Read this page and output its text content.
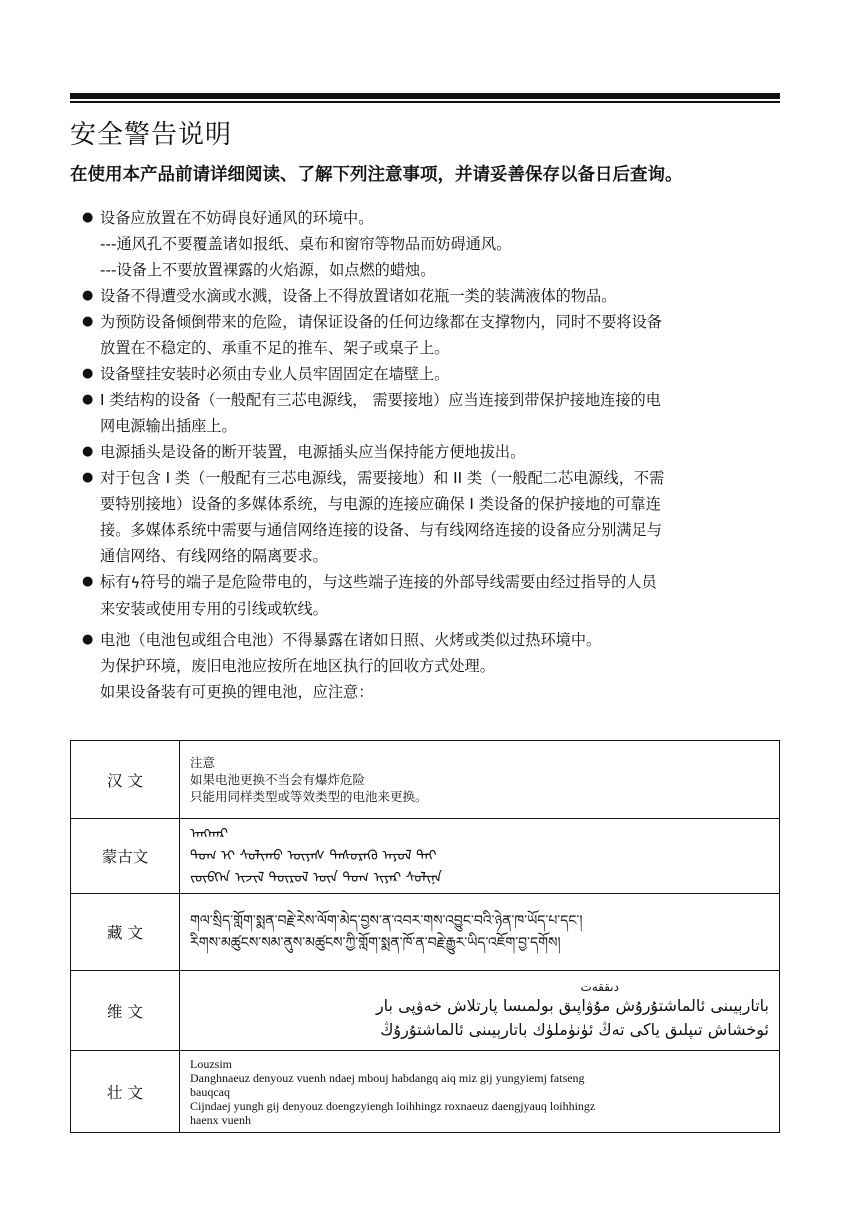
安全警告说明

在使用本产品前请详细阅读、了解下列注意事项，并请妥善保存以备日后查询。

● 设备应放置在不妨碍良好通风的环境中。
---通风孔不要覆盖诸如报纸、桌布和窗帘等物品而妨碍通风。
---设备上不要放置裸露的火焰源，如点燃的蜡烛。
● 设备不得遭受水滴或水溅，设备上不得放置诸如花瓶一类的装满液体的物品。
● 为预防设备倾倒带来的危险，请保证设备的任何边缘都在支撑物内，同时不要将设备
放置在不稳定的、承重不足的推车、架子或桌子上。
● 设备壁挂安装时必须由专业人员牢固固定在墙壁上。
● I 类结构的设备（一般配有三芯电源线， 需要接地）应当连接到带保护接地连接的电
网电源输出插座上。
● 电源插头是设备的断开装置，电源插头应当保持能方便地拔出。
● 对于包含 I 类（一般配有三芯电源线，需要接地）和 II 类（一般配二芯电源线，不需
要特别接地）设备的多媒体系统，与电源的连接应确保 I 类设备的保护接地的可靠连
接。多媒体系统中需要与通信网络连接的设备、与有线网络连接的设备应分别满足与
通信网络、有线网络的隔离要求。
● 标有ϟ符号的端子是危险带电的，与这些端子连接的外部导线需要由经过指导的人员
来安装或使用专用的引线或软线。
● 电池（电池包或组合电池）不得暴露在诸如日照、火烤或类似过热环境中。
为保护环境，废旧电池应按所在地区执行的回收方式处理。
如果设备装有可更换的锂电池，应注意：
汉 文	注意
如果电池更换不当会有爆炸危险
只能用同样类型或等效类型的电池来更换。

蒙古文	ᠠᠩᠬᠠᠷ
ᠲᠣᠭ ᠢ ᠰᠣᠯᠢᠬᠤ ᠦᠶᠡᠰ ᠲᠡᠰᠦᠷᠡᠬᠦ ᠠᠶᠤᠯ ᠲᠠᠢ
ᠵᠥᠪᠬᠡᠨ ᠢᠵᠢᠯ ᠲᠥᠷᠥᠯ ᠦᠨ ᠲᠣᠭ ᠢᠶᠠᠷ ᠰᠣᠯᠢᠨᠠ

藏 文	གལ་སྲིད་གློག་སྨན་བརྗེ་རེས་ལོག་མེད་བྱས་ན་འབར་གས་འབྱུང་བའི་ཉེན་ཁ་ཡོད་པ་དང་།
རིགས་མཚུངས་སམ་ནུས་མཚུངས་ཀྱི་གློག་སྨན་ཁོ་ན་བརྗེ་རྒྱུར་ཡིད་འཇོག་བྱ་དགོས།

维 文	دىققەت
باتارېيىنى ئالماشتۇرۇش مۇۋاپىق بولمىسا پارتلاش خەۋپى بار
ئوخشاش تىپلىق ياكى تەڭ ئۈنۈملۈك باتارېيىنى ئالماشتۇرۇڭ

壮 文	Louzsim
Danghnaeuz denyouz vuenh ndaej mbouj habdangq aiq miz gij yungyiemj fatseng
bauqcaq
Cijndaej yungh gij denyouz doengzyiengh loihhingz roxnaeuz daengjyauq loihhingz
haenx vuenh
